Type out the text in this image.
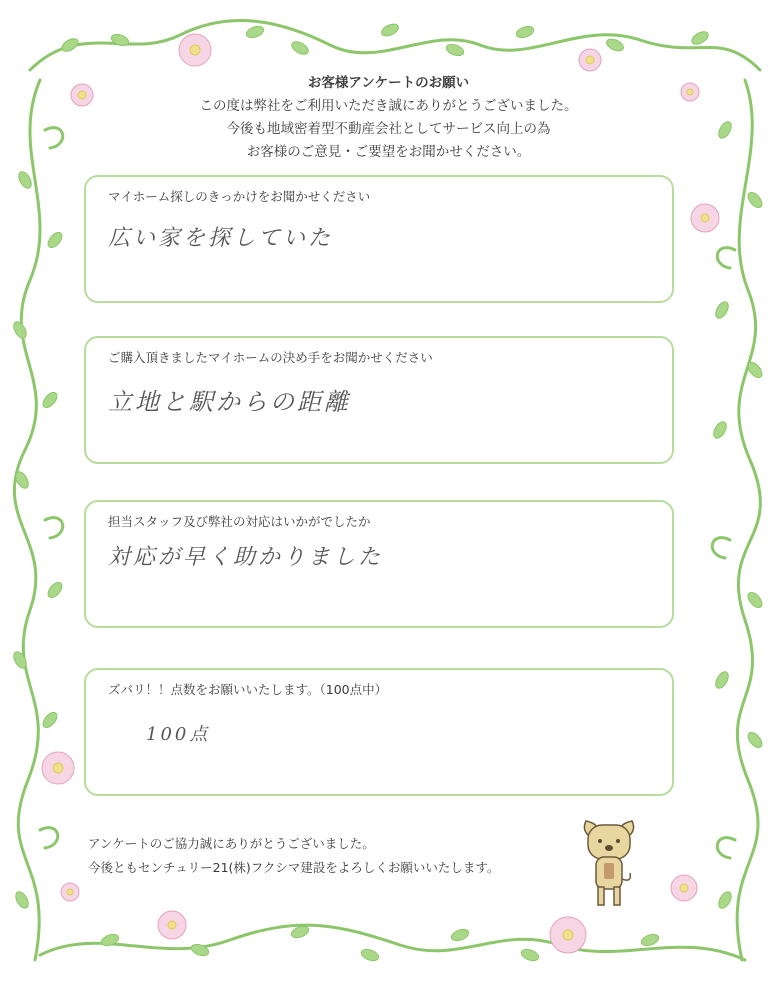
お客様アンケートのお願い
この度は弊社をご利用いただき誠にありがとうございました。
今後も地域密着型不動産会社としてサービス向上の為
お客様のご意見・ご要望をお聞かせください。
マイホーム探しのきっかけをお聞かせください
広い家を探していた
ご購入頂きましたマイホームの決め手をお聞かせください
立地と駅からの距離
担当スタッフ及び弊社の対応はいかがでしたか
対応が早く助かりました
ズバリ！！点数をお願いいたします。（100点中）
100点
アンケートのご協力誠にありがとうございました。
今後ともセンチュリー21(株)フクシマ建設をよろしくお願いいたします。
